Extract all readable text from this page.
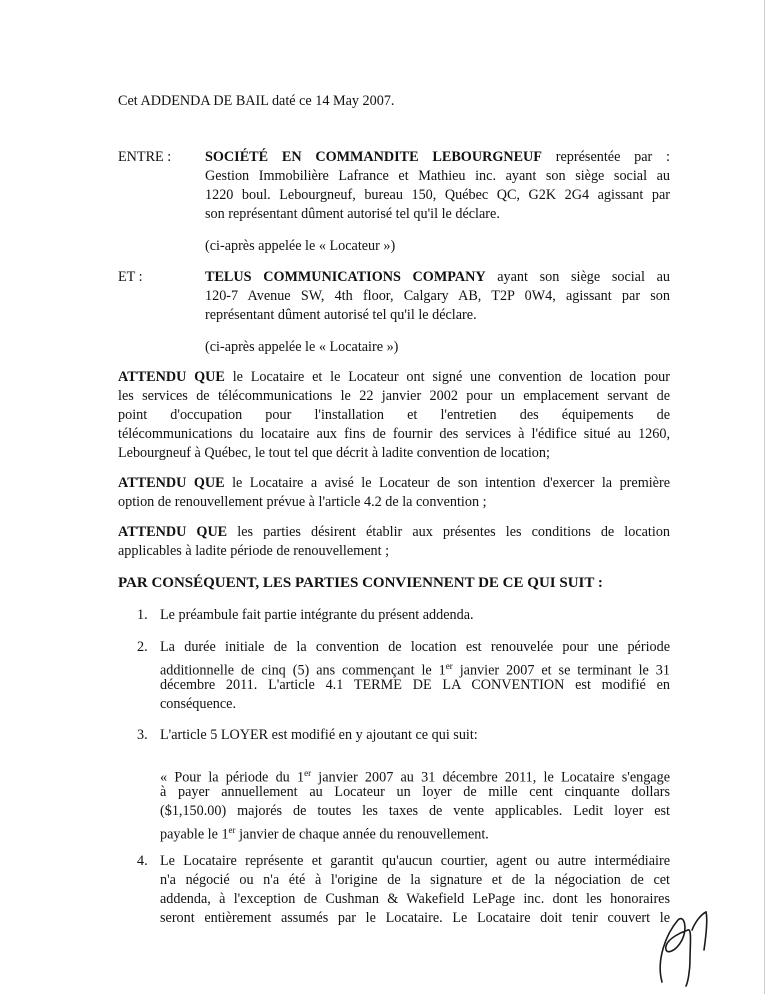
Cet ADDENDA DE BAIL daté ce 14 May 2007.
ENTRE : SOCIÉTÉ EN COMMANDITE LEBOURGNEUF représentée par :
Gestion Immobilière Lafrance et Mathieu inc. ayant son siège social au
1220 boul. Lebourgneuf, bureau 150, Québec QC, G2K 2G4 agissant par
son représentant dûment autorisé tel qu'il le déclare.
(ci-après appelée le « Locateur »)
ET :	TELUS COMMUNICATIONS COMPANY ayant son siège social au
120-7 Avenue SW, 4th floor, Calgary AB, T2P 0W4, agissant par son
représentant dûment autorisé tel qu'il le déclare.
(ci-après appelée le « Locataire »)
ATTENDU QUE le Locataire et le Locateur ont signé une convention de location pour
les services de télécommunications le 22 janvier 2002 pour un emplacement servant de
point d'occupation pour l'installation et l'entretien des équipements de
télécommunications du locataire aux fins de fournir des services à l'édifice situé au 1260,
Lebourgneuf à Québec, le tout tel que décrit à ladite convention de location;
ATTENDU QUE le Locataire a avisé le Locateur de son intention d'exercer la première
option de renouvellement prévue à l'article 4.2 de la convention ;
ATTENDU QUE les parties désirent établir aux présentes les conditions de location
applicables à ladite période de renouvellement ;
PAR CONSÉQUENT, LES PARTIES CONVIENNENT DE CE QUI SUIT :
1. Le préambule fait partie intégrante du présent addenda.
2. La durée initiale de la convention de location est renouvelée pour une période
additionnelle de cinq (5) ans commençant le 1er janvier 2007 et se terminant le 31
décembre 2011. L'article 4.1 TERME DE LA CONVENTION est modifié en
conséquence.
3. L'article 5 LOYER est modifié en y ajoutant ce qui suit:
« Pour la période du 1er janvier 2007 au 31 décembre 2011, le Locataire s'engage
à payer annuellement au Locateur un loyer de mille cent cinquante dollars
($1,150.00) majorés de toutes les taxes de vente applicables. Ledit loyer est
payable le 1er janvier de chaque année du renouvellement.
4. Le Locataire représente et garantit qu'aucun courtier, agent ou autre intermédiaire
n'a négocié ou n'a été à l'origine de la signature et de la négociation de cet
addenda, à l'exception de Cushman & Wakefield LePage inc. dont les honoraires
seront entièrement assumés par le Locataire. Le Locataire doit tenir couvert le
